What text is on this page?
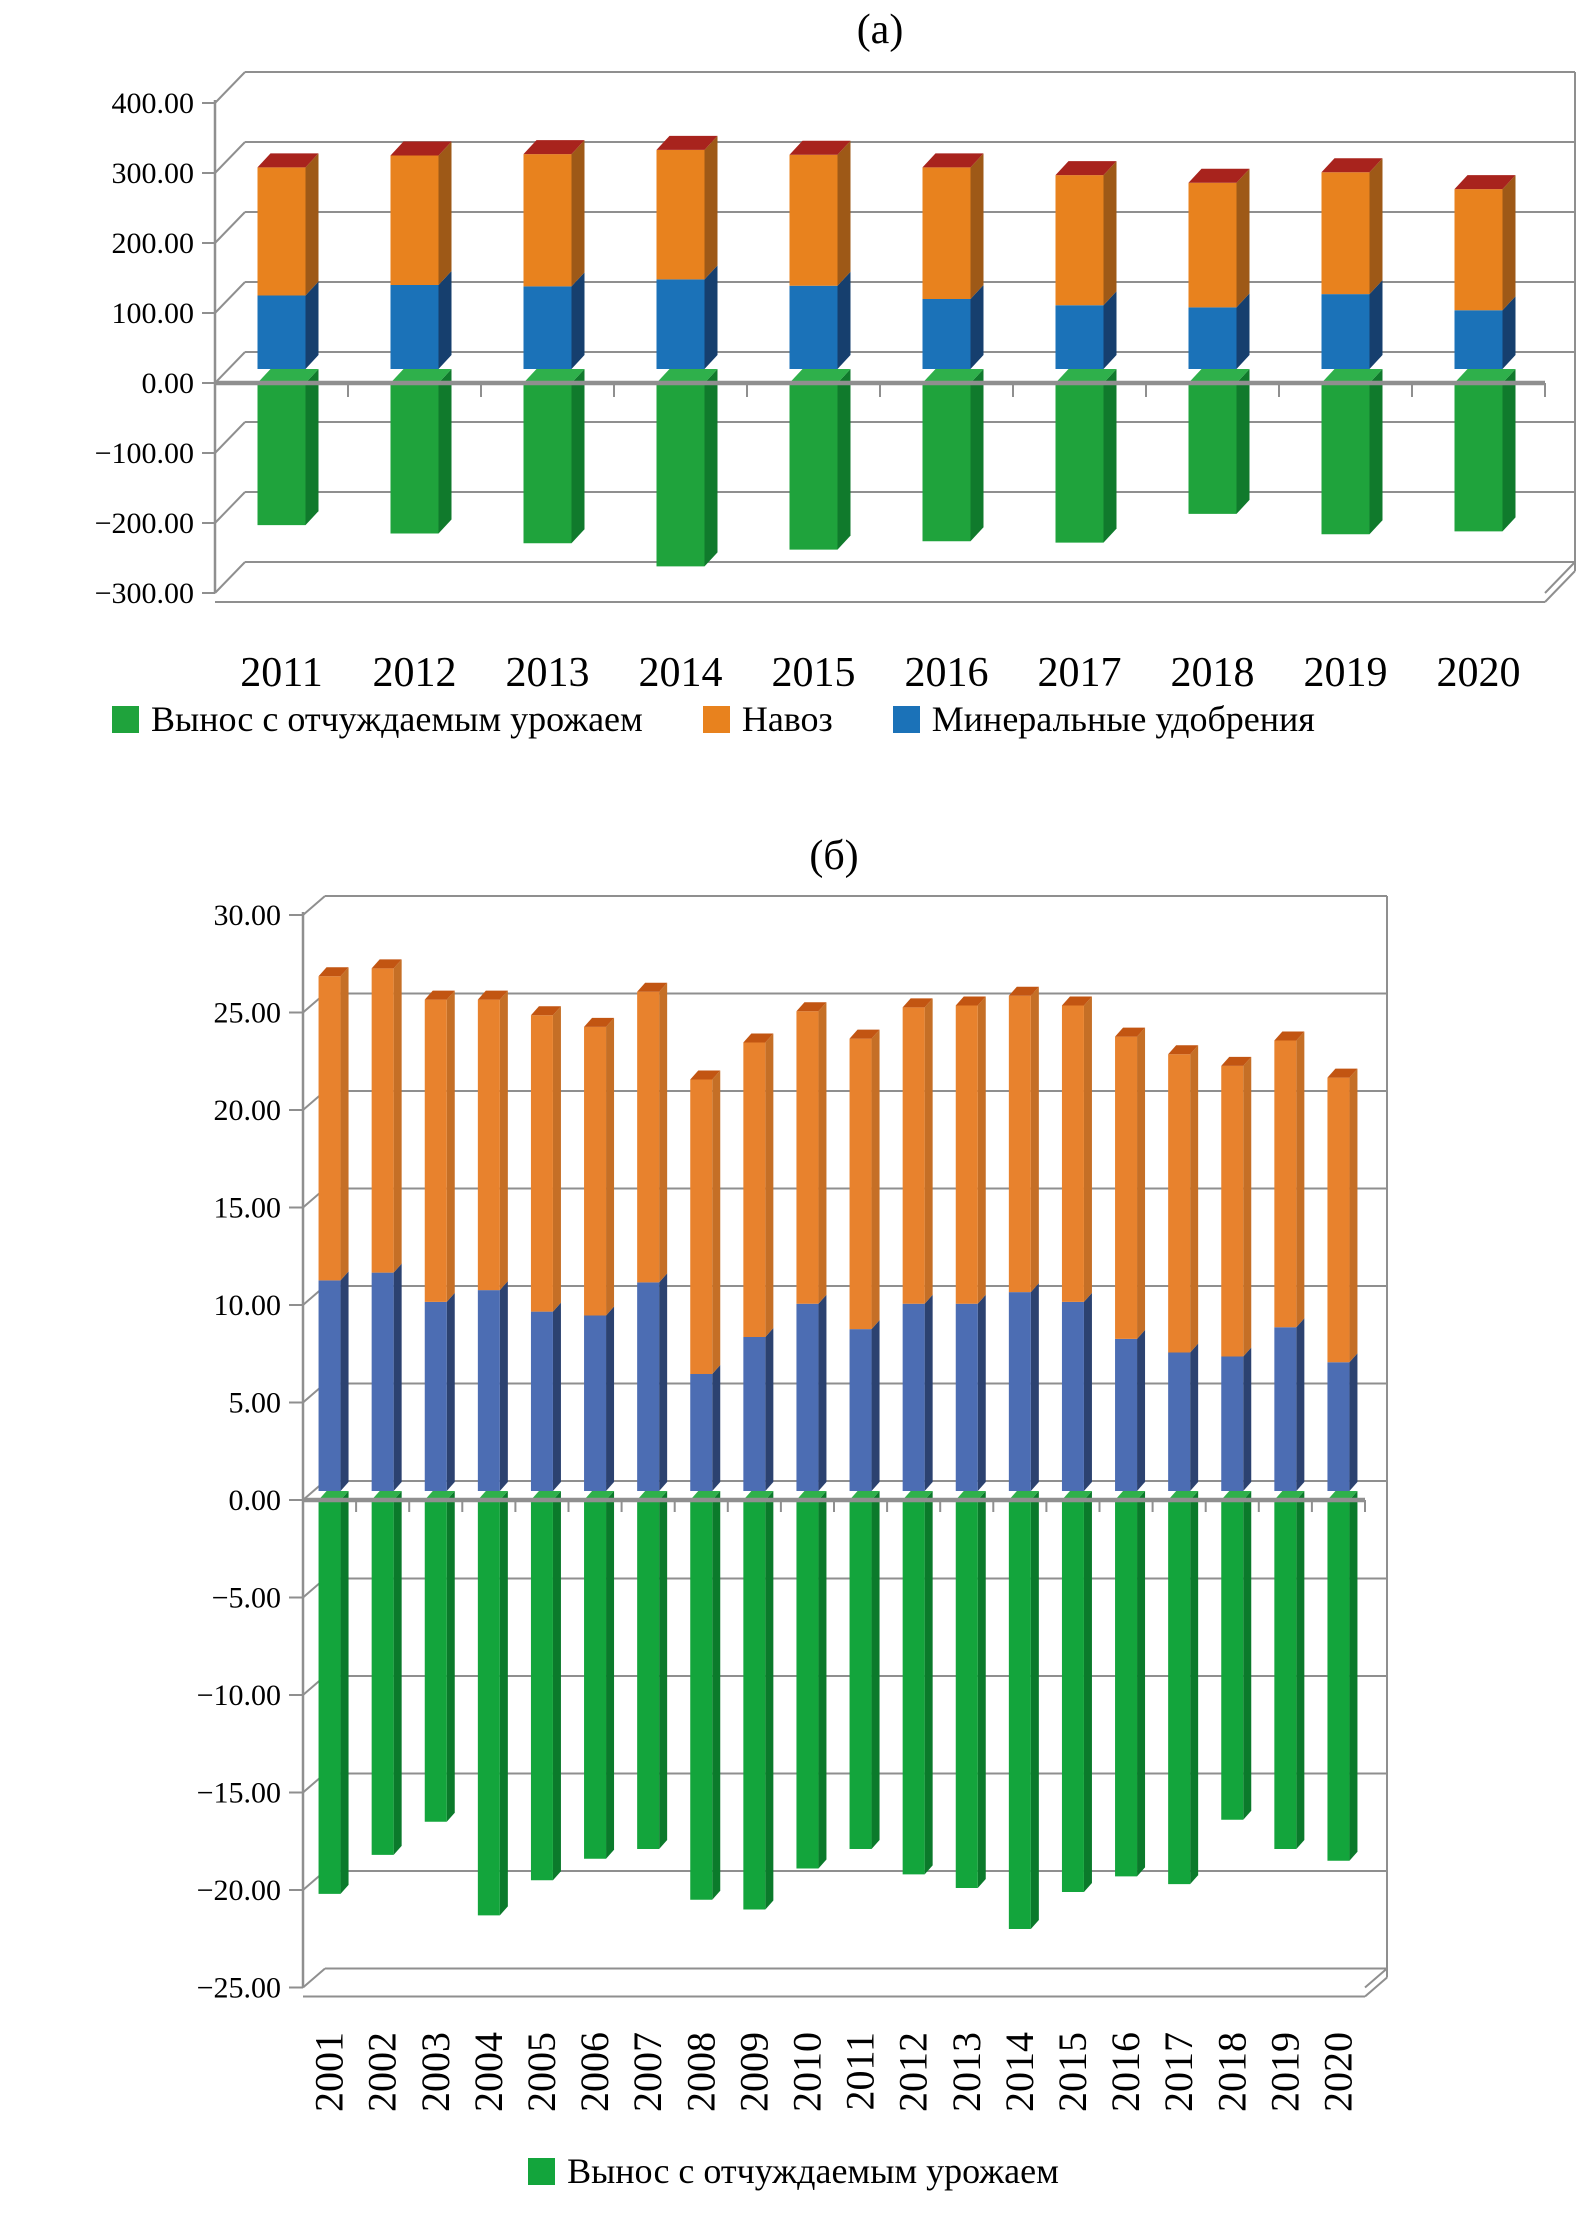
(а)
400.00
300.00
200.00
100.00
0.00
−100.00
−200.00
−300.00
2011 2012 2013 2014 2015 2016 2017 2018 2019 2020
Вынос с отчуждаемым урожаем	Навоз	Минеральные удобрения
(б)
30.00
25.00
20.00
15.00
10.00
5.00
0.00
−5.00
−10.00
−15.00
−20.00
−25.00
2001 2002 2003 2004 2005 2006 2007 2008 2009 2010 2011 2012 2013 2014 2015 2016 2017 2018 2019 2020
Вынос с отчуждаемым урожаем
